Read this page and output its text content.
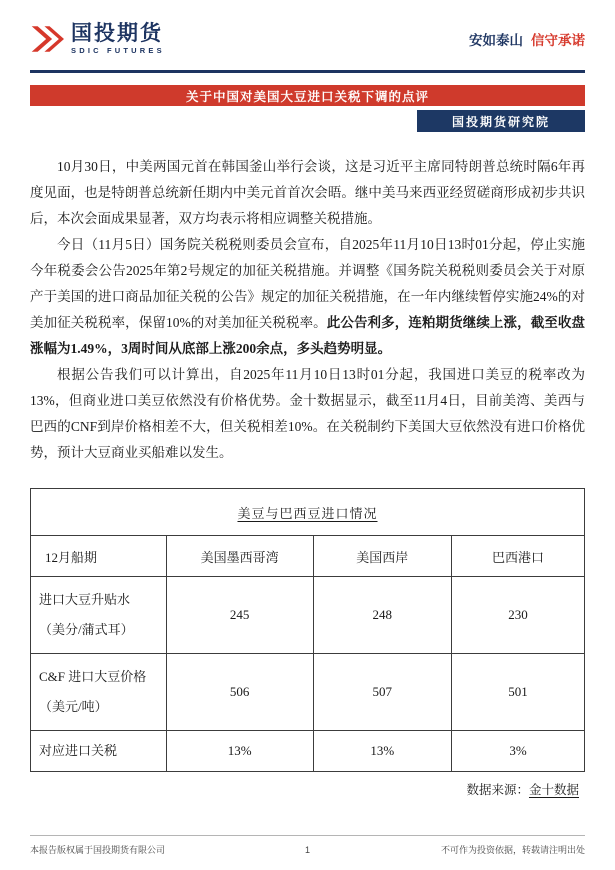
国投期货
SDIC FUTURES
安如泰山 信守承诺
关于中国对美国大豆进口关税下调的点评
国投期货研究院

10月30日，中美两国元首在韩国釜山举行会谈，这是习近平主席同特朗普总统时隔6年再度见面，也是特朗普总统新任期内中美元首首次会晤。继中美马来西亚经贸磋商形成初步共识后，本次会面成果显著，双方均表示将相应调整关税措施。

今日（11月5日）国务院关税税则委员会宣布，自2025年11月10日13时01分起，停止实施今年税委会公告2025年第2号规定的加征关税措施。并调整《国务院关税税则委员会关于对原产于美国的进口商品加征关税的公告》规定的加征关税措施，在一年内继续暂停实施24%的对美加征关税税率，保留10%的对美加征关税税率。此公告利多，连粕期货继续上涨，截至收盘涨幅为1.49%，3周时间从底部上涨200余点，多头趋势明显。

根据公告我们可以计算出，自2025年11月10日13时01分起，我国进口美豆的税率改为13%，但商业进口美豆依然没有价格优势。金十数据显示，截至11月4日，目前美湾、美西与巴西的CNF到岸价格相差不大，但关税相差10%。在关税制约下美国大豆依然没有进口价格优势，预计大豆商业买船难以发生。

美豆与巴西豆进口情况			
12月船期	美国墨西哥湾	美国西岸	巴西港口

进口大豆升贴水
（美分/蒲式耳）	245	248	230

C&F 进口大豆价格
（美元/吨）	506	507	501

对应进口关税	13%	13%	3%
数据来源：金十数据
本报告版权属于国投期货有限公司	1	不可作为投资依据，转载请注明出处
